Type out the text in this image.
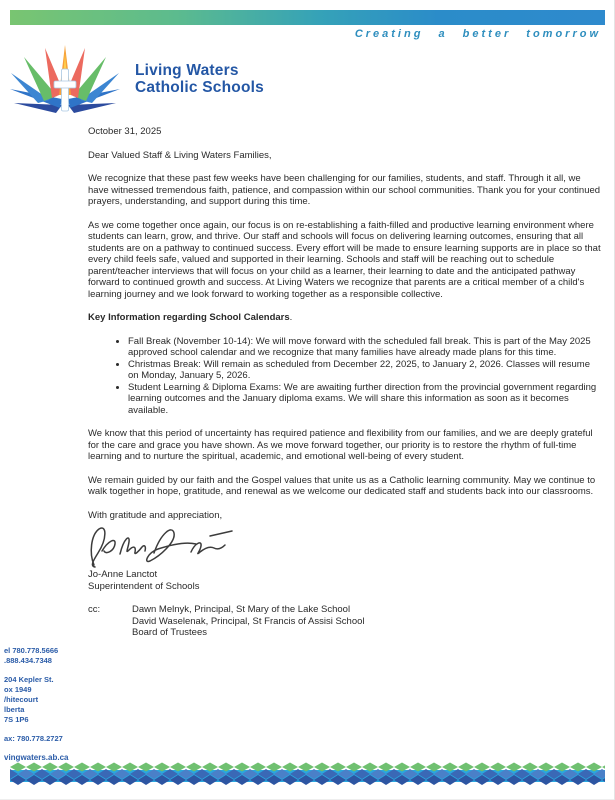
Creating a better tomorrow
Living Waters
Catholic Schools

October 31, 2025

Dear Valued Staff & Living Waters Families,

We recognize that these past few weeks have been challenging for our families, students, and staff. Through it all, we have witnessed tremendous faith, patience, and compassion within our school communities. Thank you for your continued prayers, understanding, and support during this time.

As we come together once again, our focus is on re-establishing a faith-filled and productive learning environment where students can learn, grow, and thrive. Our staff and schools will focus on delivering learning outcomes, ensuring that all students are on a pathway to continued success. Every effort will be made to ensure learning supports are in place so that every child feels safe, valued and supported in their learning. Schools and staff will be reaching out to schedule parent/teacher interviews that will focus on your child as a learner, their learning to date and the anticipated pathway forward to continued growth and success. At Living Waters we recognize that parents are a critical member of a child's learning journey and we look forward to working together as a responsible collective.

Key Information regarding School Calendars.

• Fall Break (November 10-14): We will move forward with the scheduled fall break. This is part of the May 2025 approved school calendar and we recognize that many families have already made plans for this time.
• Christmas Break: Will remain as scheduled from December 22, 2025, to January 2, 2026. Classes will resume on Monday, January 5, 2026.
• Student Learning & Diploma Exams: We are awaiting further direction from the provincial government regarding learning outcomes and the January diploma exams. We will share this information as soon as it becomes available.

We know that this period of uncertainty has required patience and flexibility from our families, and we are deeply grateful for the care and grace you have shown. As we move forward together, our priority is to restore the rhythm of full-time learning and to nurture the spiritual, academic, and emotional well-being of every student.

We remain guided by our faith and the Gospel values that unite us as a Catholic learning community. May we continue to walk together in hope, gratitude, and renewal as we welcome our dedicated staff and students back into our classrooms.

With gratitude and appreciation,

Jo-Anne Lanctot

Superintendent of Schools

cc:	Dawn Melnyk, Principal, St Mary of the Lake School
David Waselenak, Principal, St Francis of Assisi School
Board of Trustees
el 780.778.5666
.888.434.7348
204 Kepler St.
ox 1949
/hitecourt
lberta
7S 1P6
ax: 780.778.2727
vingwaters.ab.ca
